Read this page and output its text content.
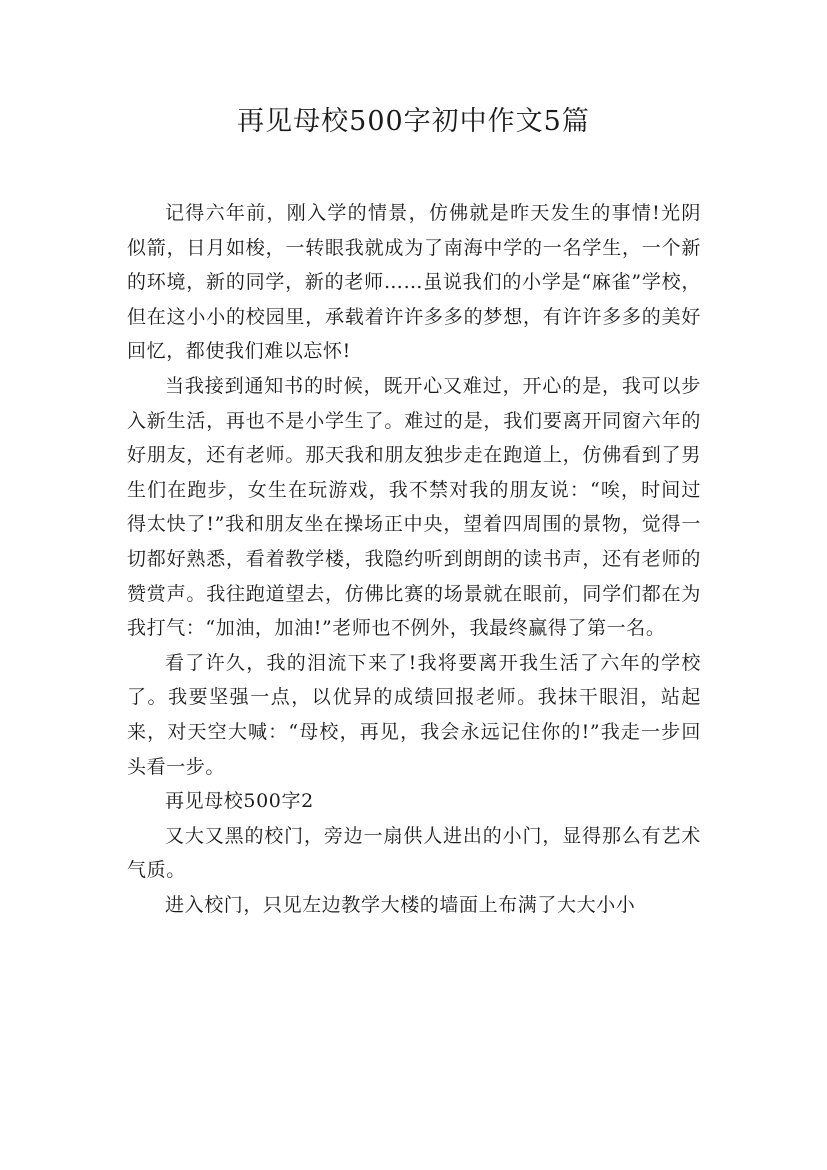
再见母校500字初中作文5篇

记得六年前，刚入学的情景，仿佛就是昨天发生的事情!光阴似箭，日月如梭，一转眼我就成为了南海中学的一名学生，一个新的环境，新的同学，新的老师……虽说我们的小学是“麻雀”学校，但在这小小的校园里，承载着许许多多的梦想，有许许多多的美好回忆，都使我们难以忘怀!

当我接到通知书的时候，既开心又难过，开心的是，我可以步入新生活，再也不是小学生了。难过的是，我们要离开同窗六年的好朋友，还有老师。那天我和朋友独步走在跑道上，仿佛看到了男生们在跑步，女生在玩游戏，我不禁对我的朋友说：“唉，时间过得太快了!”我和朋友坐在操场正中央，望着四周围的景物，觉得一切都好熟悉，看着教学楼，我隐约听到朗朗的读书声，还有老师的赞赏声。我往跑道望去，仿佛比赛的场景就在眼前，同学们都在为我打气：“加油，加油!”老师也不例外，我最终赢得了第一名。

看了许久，我的泪流下来了!我将要离开我生活了六年的学校了。我要坚强一点，以优异的成绩回报老师。我抹干眼泪，站起来，对天空大喊：“母校，再见，我会永远记住你的!”我走一步回头看一步。

再见母校500字2

又大又黑的校门，旁边一扇供人进出的小门，显得那么有艺术气质。

进入校门，只见左边教学大楼的墙面上布满了大大小小
